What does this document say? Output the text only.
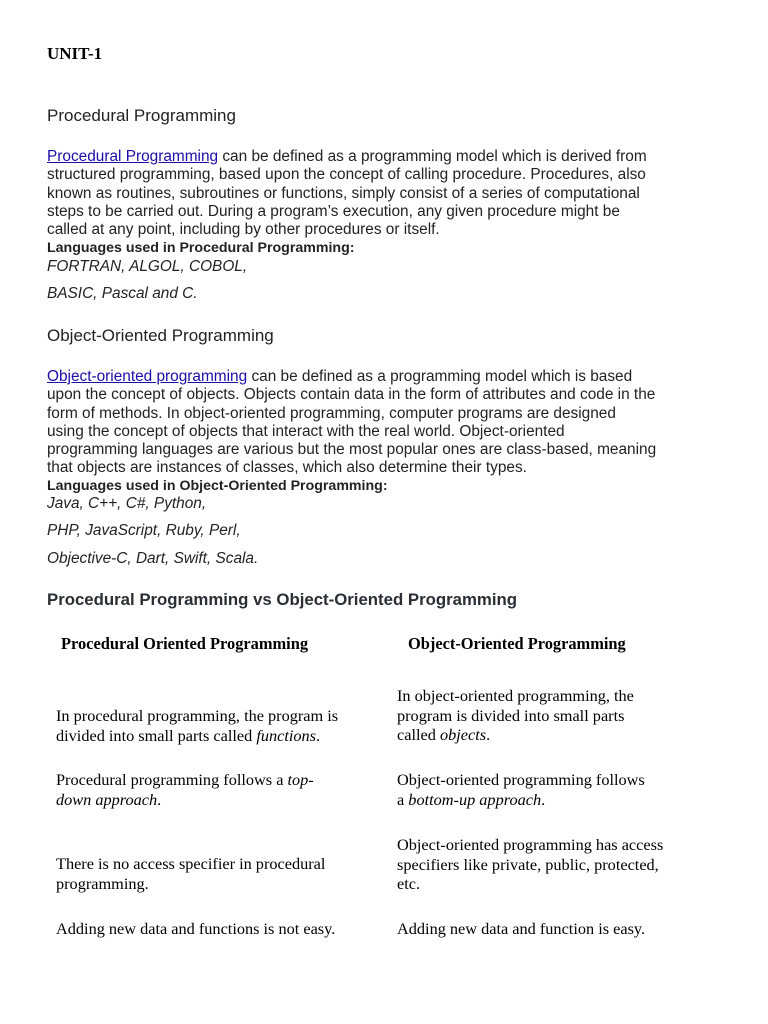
UNIT-1
Procedural Programming
Procedural Programming can be defined as a programming model which is derived from
structured programming, based upon the concept of calling procedure. Procedures, also
known as routines, subroutines or functions, simply consist of a series of computational
steps to be carried out. During a program’s execution, any given procedure might be
called at any point, including by other procedures or itself.
Languages used in Procedural Programming:
FORTRAN, ALGOL, COBOL,
BASIC, Pascal and C.
Object-Oriented Programming
Object-oriented programming can be defined as a programming model which is based
upon the concept of objects. Objects contain data in the form of attributes and code in the
form of methods. In object-oriented programming, computer programs are designed
using the concept of objects that interact with the real world. Object-oriented
programming languages are various but the most popular ones are class-based, meaning
that objects are instances of classes, which also determine their types.
Languages used in Object-Oriented Programming:
Java, C++, C#, Python,
PHP, JavaScript, Ruby, Perl,
Objective-C, Dart, Swift, Scala.
Procedural Programming vs Object-Oriented Programming
Procedural Oriented Programming	Object-Oriented Programming
In procedural programming, the program is
divided into small parts called functions.
In object-oriented programming, the
program is divided into small parts
called objects.
Procedural programming follows a top-
down approach.
Object-oriented programming follows
a bottom-up approach.
There is no access specifier in procedural
programming.
Object-oriented programming has access
specifiers like private, public, protected,
etc.
Adding new data and functions is not easy.	Adding new data and function is easy.
